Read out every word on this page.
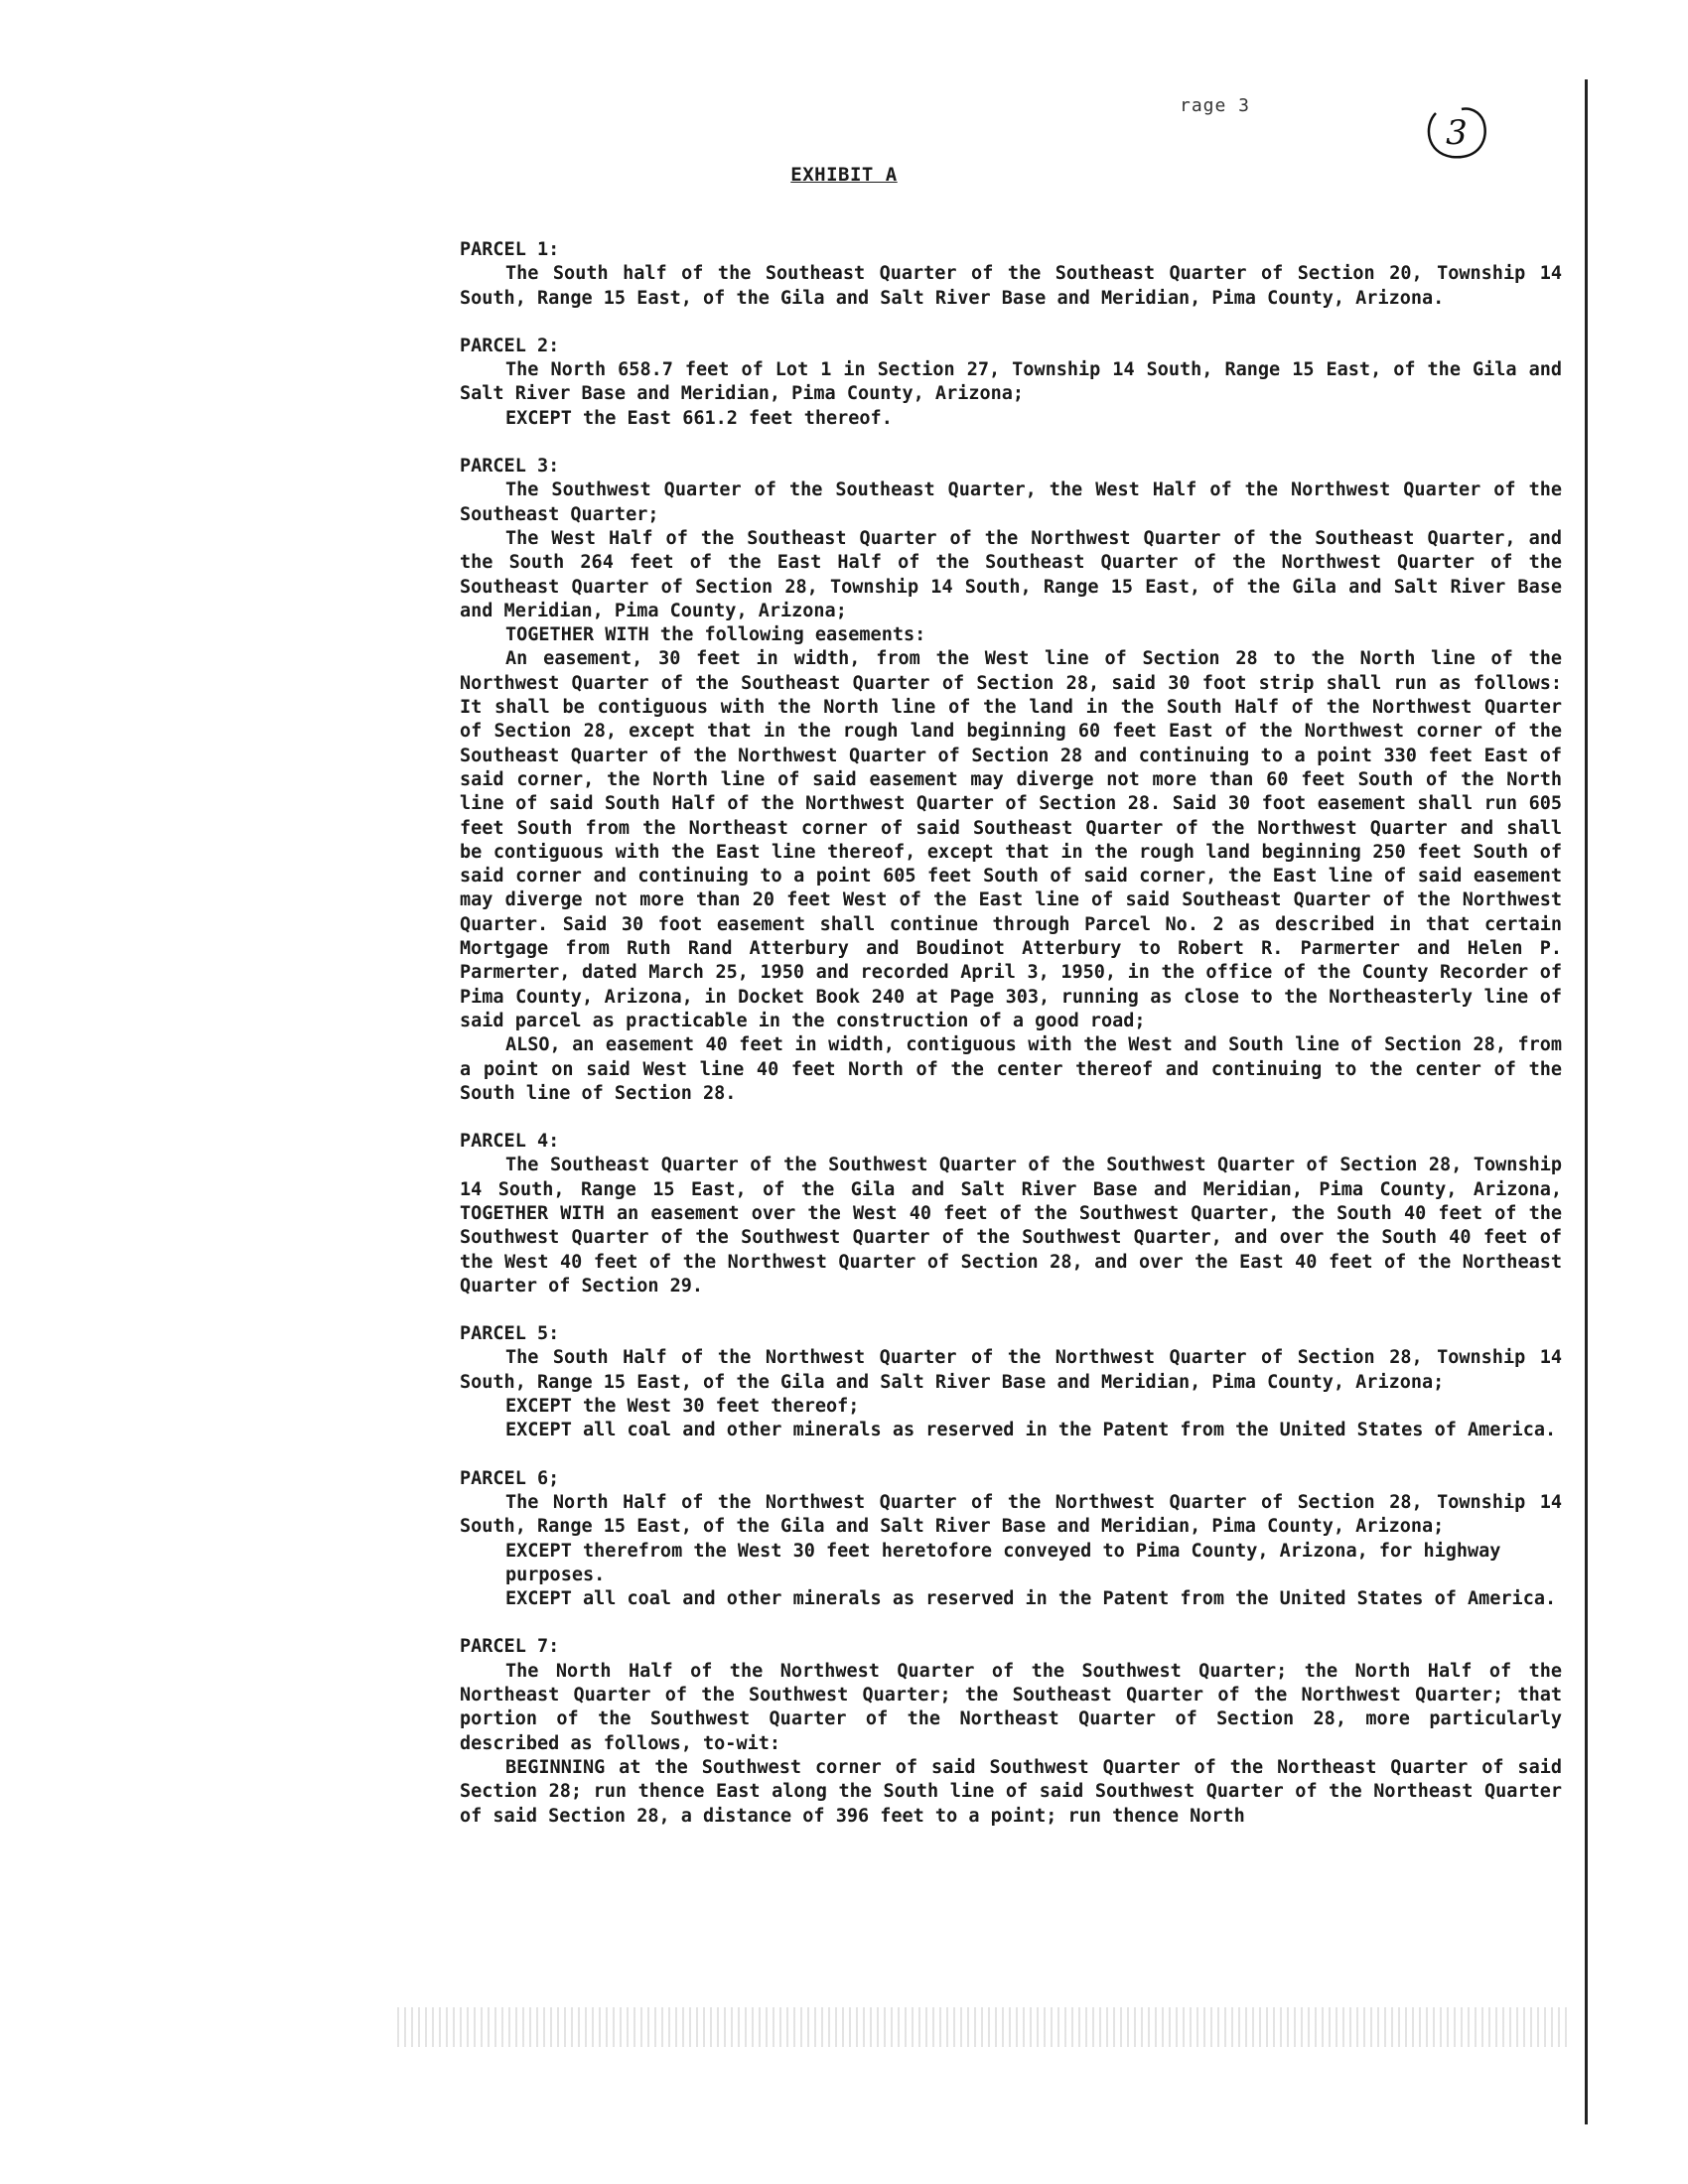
rage 3
3
EXHIBIT A
PARCEL 1:
The South half of the Southeast Quarter of the Southeast Quarter of Section 20, Township 14 South, Range 15 East, of the Gila and Salt River Base and Meridian, Pima County, Arizona.
PARCEL 2:
The North 658.7 feet of Lot 1 in Section 27, Township 14 South, Range 15 East, of the Gila and Salt River Base and Meridian, Pima County, Arizona;
EXCEPT the East 661.2 feet thereof.
PARCEL 3:
The Southwest Quarter of the Southeast Quarter, the West Half of the Northwest Quarter of the Southeast Quarter;
The West Half of the Southeast Quarter of the Northwest Quarter of the Southeast Quarter, and the South 264 feet of the East Half of the Southeast Quarter of the Northwest Quarter of the Southeast Quarter of Section 28, Township 14 South, Range 15 East, of the Gila and Salt River Base and Meridian, Pima County, Arizona;
TOGETHER WITH the following easements:
An easement, 30 feet in width, from the West line of Section 28 to the North line of the Northwest Quarter of the Southeast Quarter of Section 28, said 30 foot strip shall run as follows: It shall be contiguous with the North line of the land in the South Half of the Northwest Quarter of Section 28, except that in the rough land beginning 60 feet East of the Northwest corner of the Southeast Quarter of the Northwest Quarter of Section 28 and continuing to a point 330 feet East of said corner, the North line of said easement may diverge not more than 60 feet South of the North line of said South Half of the Northwest Quarter of Section 28. Said 30 foot easement shall run 605 feet South from the Northeast corner of said Southeast Quarter of the Northwest Quarter and shall be contiguous with the East line thereof, except that in the rough land beginning 250 feet South of said corner and continuing to a point 605 feet South of said corner, the East line of said easement may diverge not more than 20 feet West of the East line of said Southeast Quarter of the Northwest Quarter. Said 30 foot easement shall continue through Parcel No. 2 as described in that certain Mortgage from Ruth Rand Atterbury and Boudinot Atterbury to Robert R. Parmerter and Helen P. Parmerter, dated March 25, 1950 and recorded April 3, 1950, in the office of the County Recorder of Pima County, Arizona, in Docket Book 240 at Page 303, running as close to the Northeasterly line of said parcel as practicable in the construction of a good road;
ALSO, an easement 40 feet in width, contiguous with the West and South line of Section 28, from a point on said West line 40 feet North of the center thereof and continuing to the center of the South line of Section 28.
PARCEL 4:
The Southeast Quarter of the Southwest Quarter of the Southwest Quarter of Section 28, Township 14 South, Range 15 East, of the Gila and Salt River Base and Meridian, Pima County, Arizona, TOGETHER WITH an easement over the West 40 feet of the Southwest Quarter, the South 40 feet of the Southwest Quarter of the Southwest Quarter of the Southwest Quarter, and over the South 40 feet of the West 40 feet of the Northwest Quarter of Section 28, and over the East 40 feet of the Northeast Quarter of Section 29.
PARCEL 5:
The South Half of the Northwest Quarter of the Northwest Quarter of Section 28, Township 14 South, Range 15 East, of the Gila and Salt River Base and Meridian, Pima County, Arizona;
EXCEPT the West 30 feet thereof;
EXCEPT all coal and other minerals as reserved in the Patent from the United States of America.
PARCEL 6;
The North Half of the Northwest Quarter of the Northwest Quarter of Section 28, Township 14 South, Range 15 East, of the Gila and Salt River Base and Meridian, Pima County, Arizona;
EXCEPT therefrom the West 30 feet heretofore conveyed to Pima County, Arizona, for highway purposes.
EXCEPT all coal and other minerals as reserved in the Patent from the United States of America.
PARCEL 7:
The North Half of the Northwest Quarter of the Southwest Quarter; the North Half of the Northeast Quarter of the Southwest Quarter; the Southeast Quarter of the Northwest Quarter; that portion of the Southwest Quarter of the Northeast Quarter of Section 28, more particularly described as follows, to-wit:
BEGINNING at the Southwest corner of said Southwest Quarter of the Northeast Quarter of said Section 28; run thence East along the South line of said Southwest Quarter of the Northeast Quarter of said Section 28, a distance of 396 feet to a point; run thence North
